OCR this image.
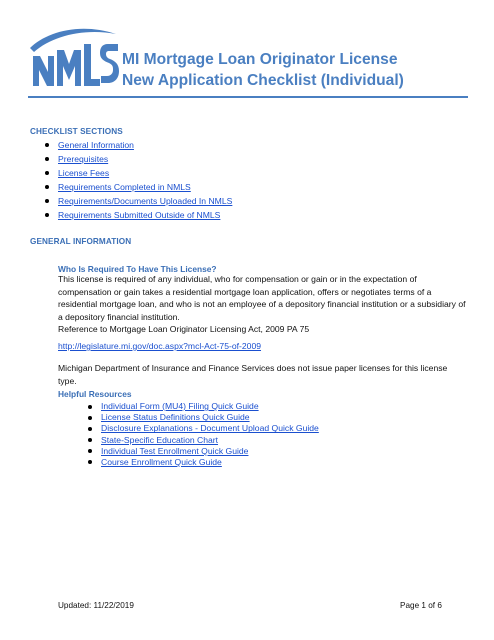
MI Mortgage Loan Originator License
New Application Checklist (Individual)
CHECKLIST SECTIONS
General Information
Prerequisites
License Fees
Requirements Completed in NMLS
Requirements/Documents Uploaded In NMLS
Requirements Submitted Outside of NMLS
GENERAL INFORMATION
Who Is Required To Have This License?
This license is required of any individual, who for compensation or gain or in the expectation of compensation or gain takes a residential mortgage loan application, offers or negotiates terms of a residential mortgage loan, and who is not an employee of a depository financial institution or a subsidiary of a depository financial institution.
Reference to Mortgage Loan Originator Licensing Act, 2009 PA 75
http://legislature.mi.gov/doc.aspx?mcl-Act-75-of-2009
Michigan Department of Insurance and Finance Services does not issue paper licenses for this license type.
Helpful Resources
Individual Form (MU4) Filing Quick Guide
License Status Definitions Quick Guide
Disclosure Explanations - Document Upload Quick Guide
State-Specific Education Chart
Individual Test Enrollment Quick Guide
Course Enrollment Quick Guide
Updated: 11/22/2019	Page 1 of 6
